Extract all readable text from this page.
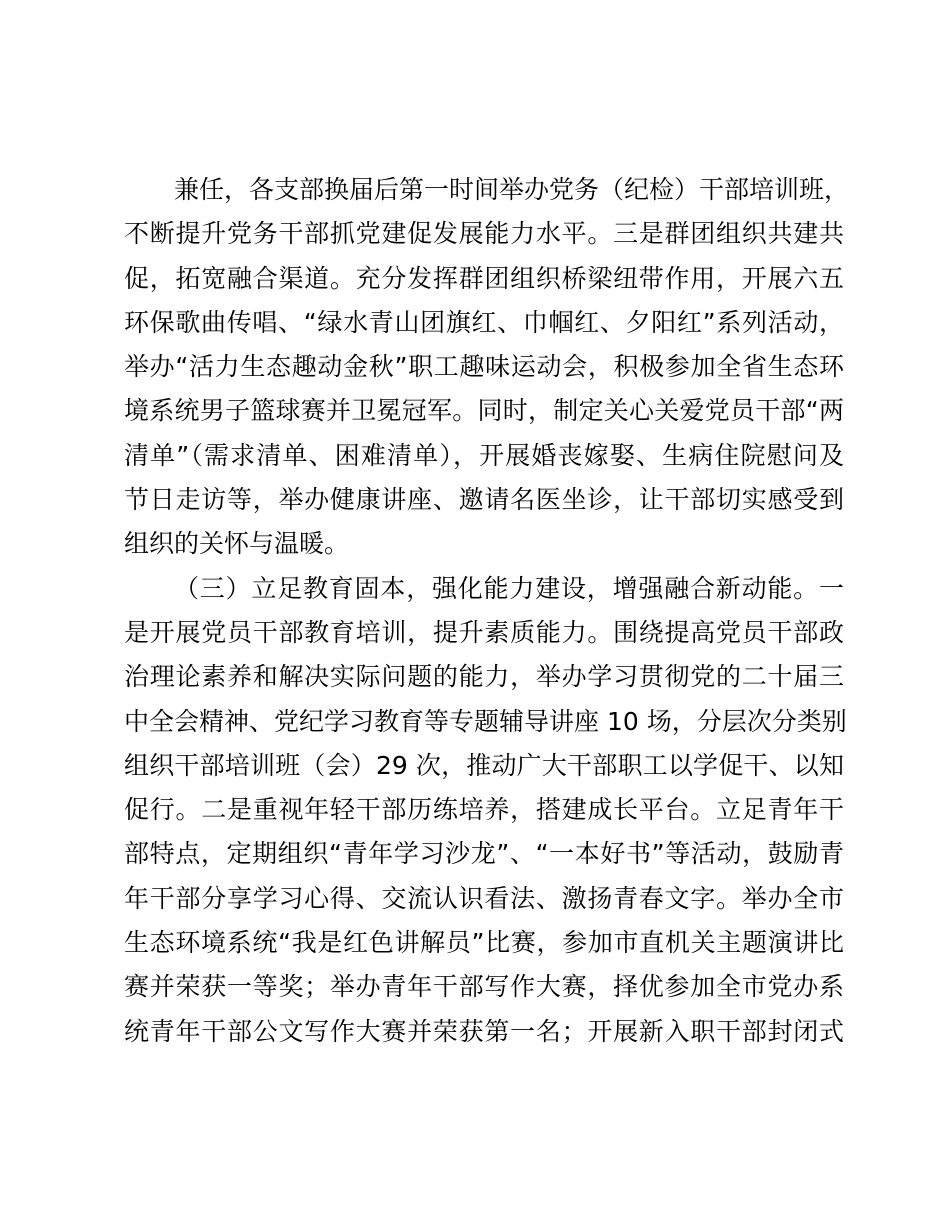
兼任，各支部换届后第一时间举办党务（纪检）干部培训班，
不断提升党务干部抓党建促发展能力水平。三是群团组织共建共
促，拓宽融合渠道。充分发挥群团组织桥梁纽带作用，开展六五
环保歌曲传唱、“绿水青山团旗红、巾帼红、夕阳红”系列活动，
举办“活力生态趣动金秋”职工趣味运动会，积极参加全省生态环
境系统男子篮球赛并卫冕冠军。同时，制定关心关爱党员干部“两
清单”（需求清单、困难清单），开展婚丧嫁娶、生病住院慰问及
节日走访等，举办健康讲座、邀请名医坐诊，让干部切实感受到
组织的关怀与温暖。
（三）立足教育固本，强化能力建设，增强融合新动能。一
是开展党员干部教育培训，提升素质能力。围绕提高党员干部政
治理论素养和解决实际问题的能力，举办学习贯彻党的二十届三
中全会精神、党纪学习教育等专题辅导讲座 10 场，分层次分类别
组织干部培训班（会）29 次，推动广大干部职工以学促干、以知
促行。二是重视年轻干部历练培养，搭建成长平台。立足青年干
部特点，定期组织“青年学习沙龙”、“一本好书”等活动，鼓励青
年干部分享学习心得、交流认识看法、激扬青春文字。举办全市
生态环境系统“我是红色讲解员”比赛，参加市直机关主题演讲比
赛并荣获一等奖；举办青年干部写作大赛，择优参加全市党办系
统青年干部公文写作大赛并荣获第一名；开展新入职干部封闭式
